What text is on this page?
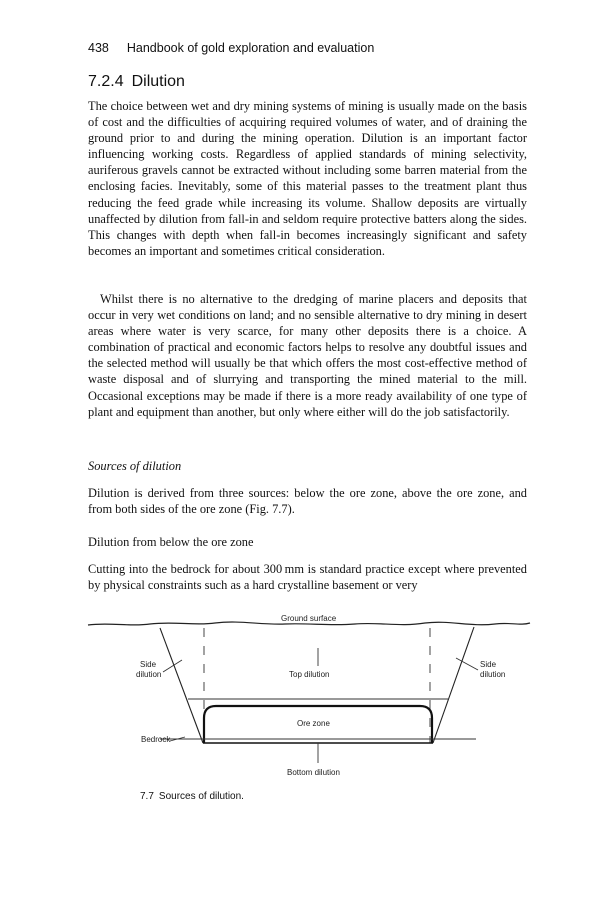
438 Handbook of gold exploration and evaluation
7.2.4 Dilution

The choice between wet and dry mining systems of mining is usually made on the basis of cost and the difficulties of acquiring required volumes of water, and of draining the ground prior to and during the mining operation. Dilution is an important factor influencing working costs. Regardless of applied standards of mining selectivity, auriferous gravels cannot be extracted without including some barren material from the enclosing facies. Inevitably, some of this material passes to the treatment plant thus reducing the feed grade while increasing its volume. Shallow deposits are virtually unaffected by dilution from fall-in and seldom require protective batters along the sides. This changes with depth when fall-in becomes increasingly significant and safety becomes an important and sometimes critical consideration.

Whilst there is no alternative to the dredging of marine placers and deposits that occur in very wet conditions on land; and no sensible alternative to dry mining in desert areas where water is very scarce, for many other deposits there is a choice. A combination of practical and economic factors helps to resolve any doubtful issues and the selected method will usually be that which offers the most cost-effective method of waste disposal and of slurrying and transporting the mined material to the mill. Occasional exceptions may be made if there is a more ready availability of one type of plant and equipment than another, but only where either will do the job satisfactorily.

Sources of dilution

Dilution is derived from three sources: below the ore zone, above the ore zone, and from both sides of the ore zone (Fig. 7.7).

Dilution from below the ore zone

Cutting into the bedrock for about 300 mm is standard practice except where prevented by physical constraints such as a hard crystalline basement or very

Ground surface
Side
dilution	Top dilution
Side
dilution
Ore zone
Bedrock
Bottom dilution
7.7 Sources of dilution.
